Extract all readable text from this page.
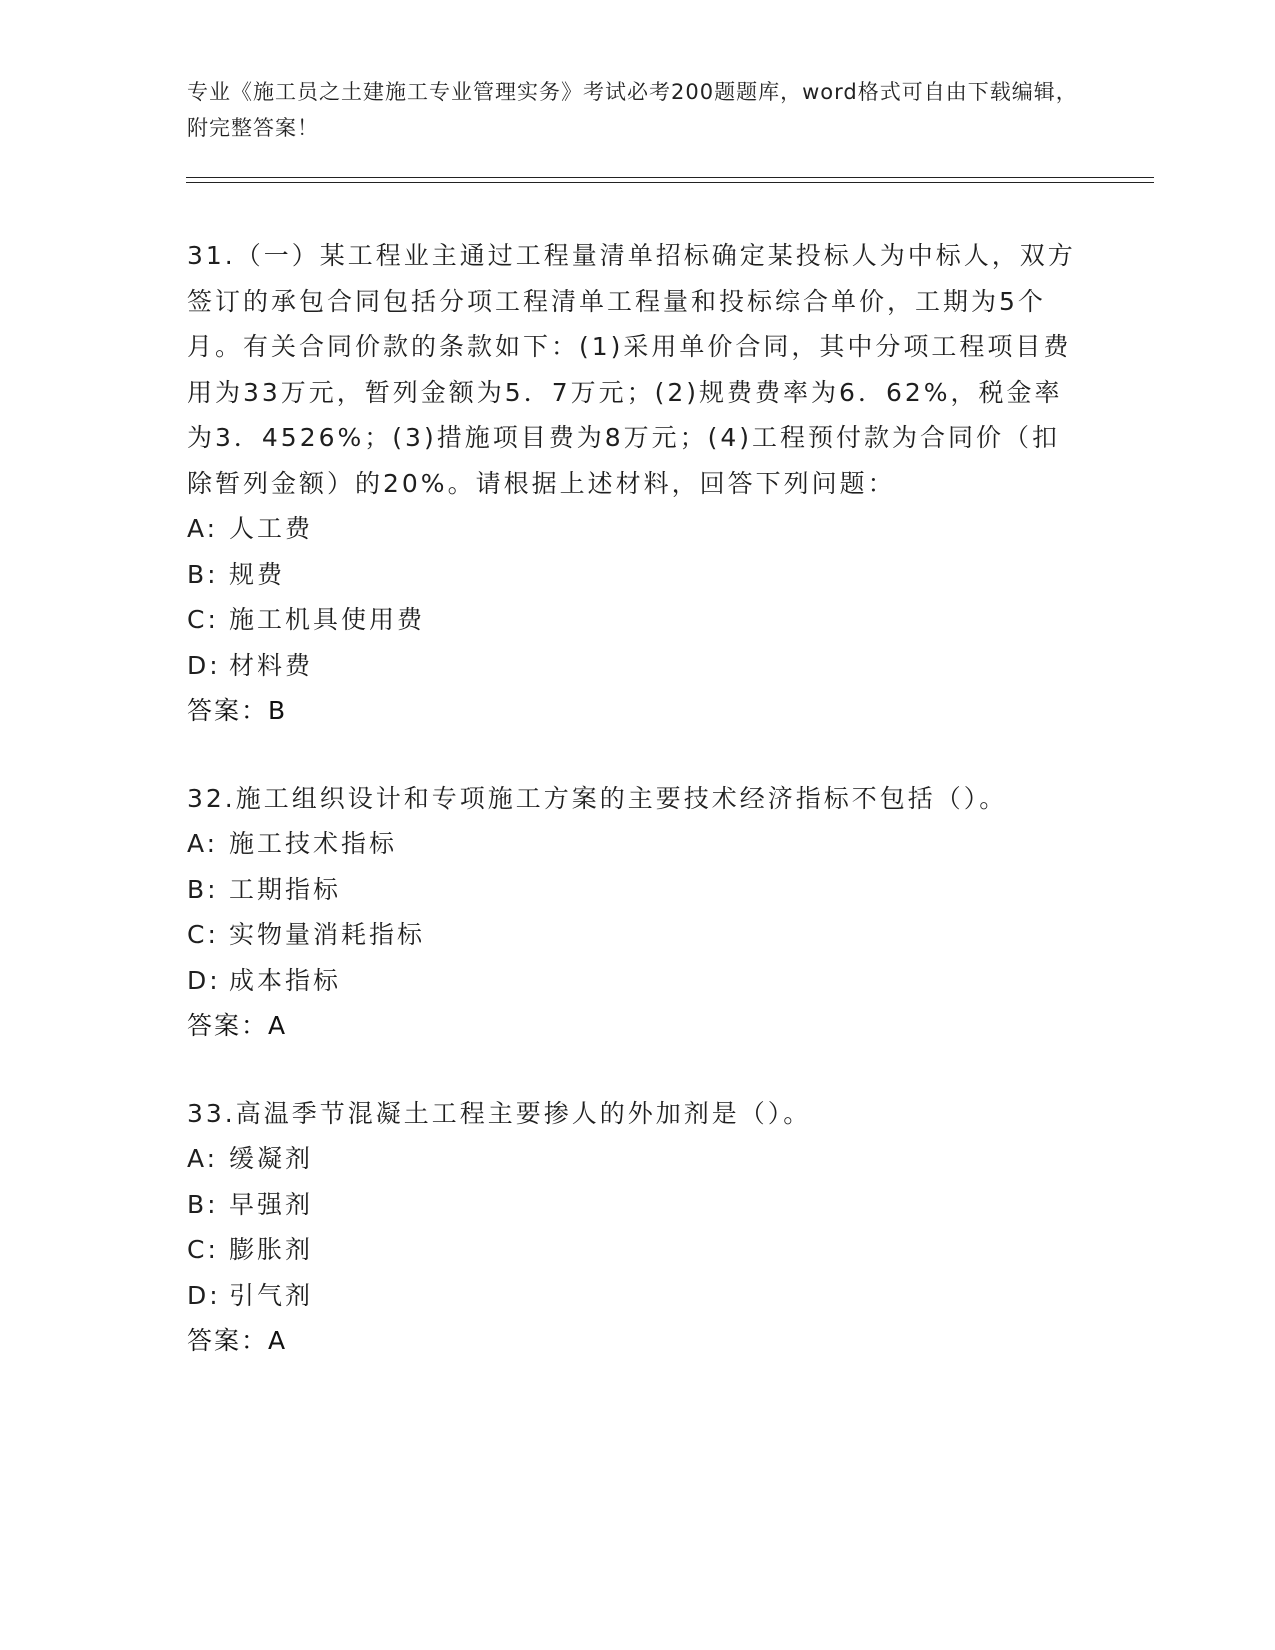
专业《施工员之土建施工专业管理实务》考试必考200题题库，word格式可自由下载编辑，附完整答案！

31.（一）某工程业主通过工程量清单招标确定某投标人为中标人，双方签订的承包合同包括分项工程清单工程量和投标综合单价，工期为5个月。有关合同价款的条款如下：(1)采用单价合同，其中分项工程项目费用为33万元，暂列金额为5．7万元；(2)规费费率为6．62%，税金率为3．4526%；(3)措施项目费为8万元；(4)工程预付款为合同价（扣除暂列金额）的20%。请根据上述材料，回答下列问题：

A: 人工费

B: 规费

C: 施工机具使用费

D: 材料费

答案：B

32.施工组织设计和专项施工方案的主要技术经济指标不包括（）。

A: 施工技术指标

B: 工期指标

C: 实物量消耗指标

D: 成本指标

答案：A

33.高温季节混凝土工程主要掺人的外加剂是（）。

A: 缓凝剂

B: 早强剂

C: 膨胀剂

D: 引气剂

答案：A
